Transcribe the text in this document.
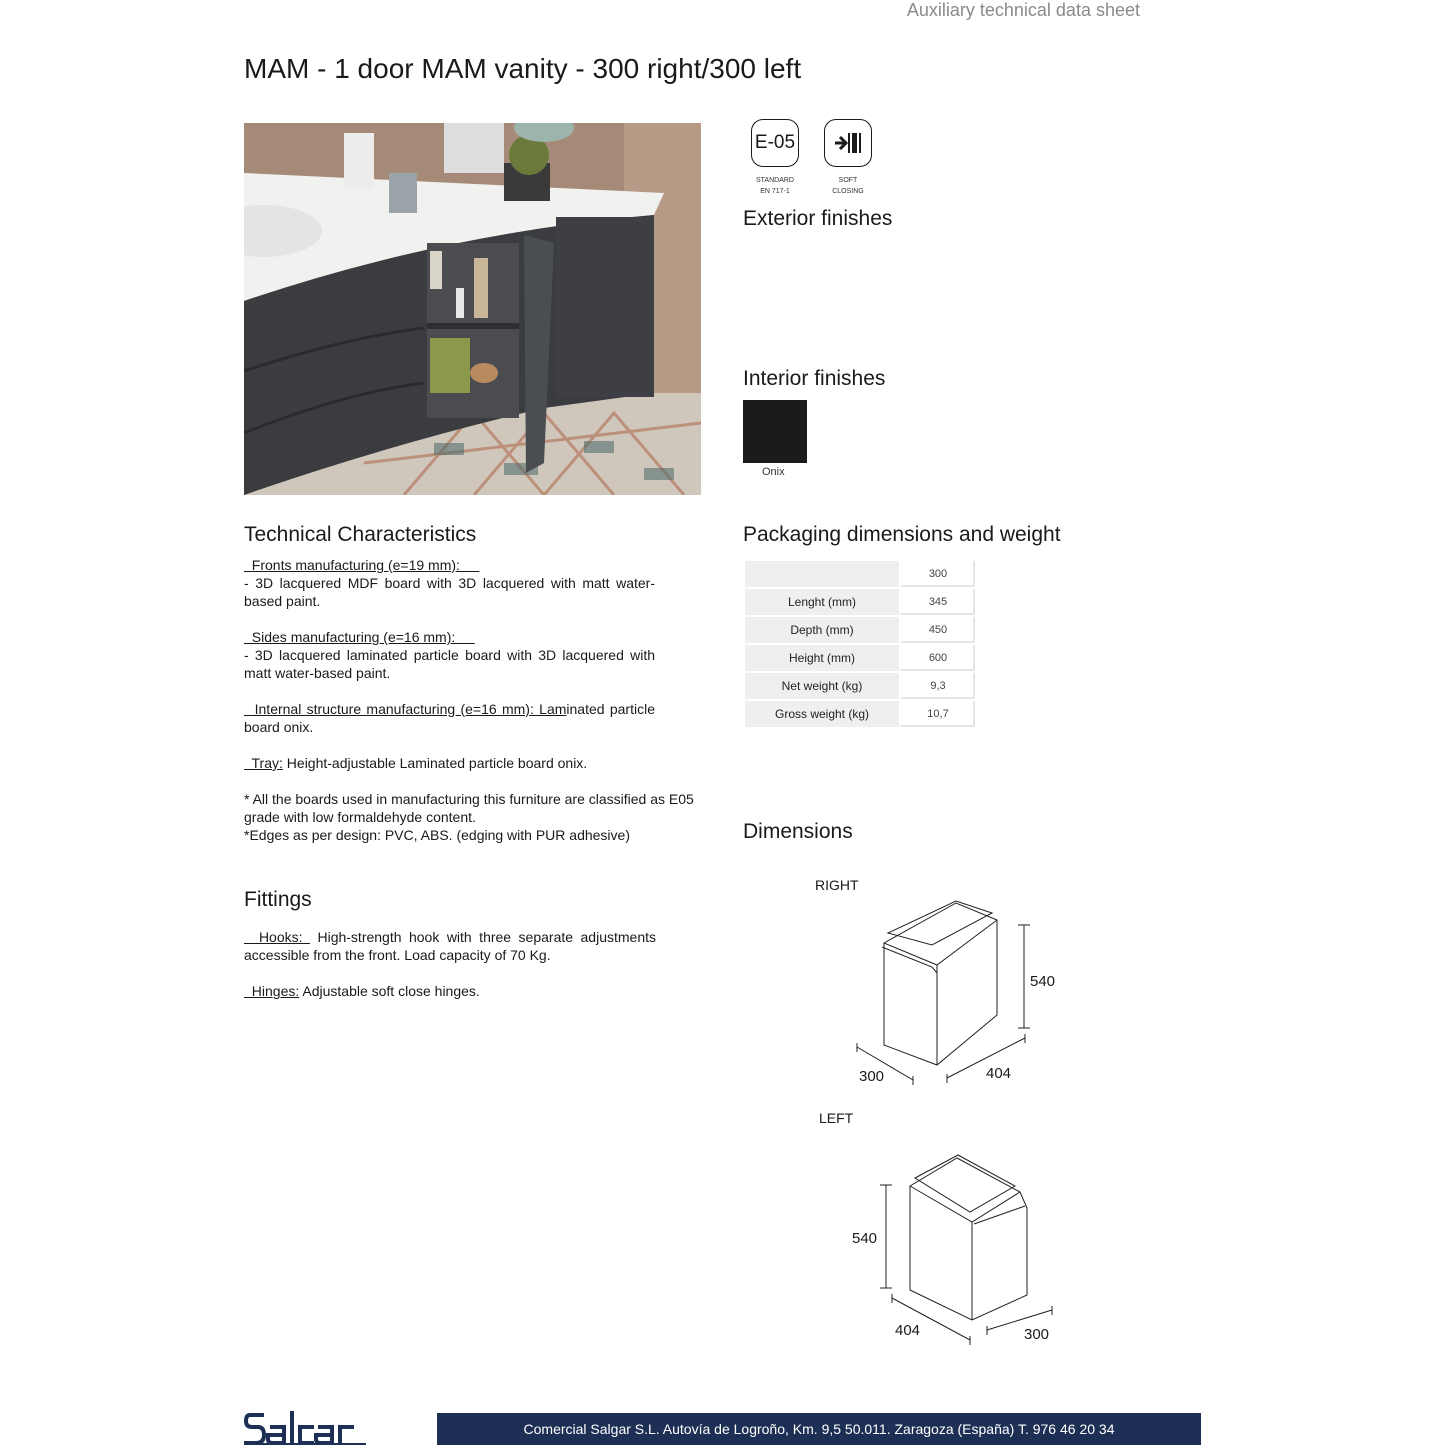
Auxiliary technical data sheet
MAM - 1 door MAM vanity - 300 right/300 left
E-05
STANDARD
EN 717-1
SOFT
CLOSING
Exterior finishes
Interior finishes
Onix
Technical Characteristics

Fronts manufacturing (e=19 mm):
- 3D lacquered MDF board with 3D lacquered with matt water-based paint.

Sides manufacturing (e=16 mm):
- 3D lacquered laminated particle board with 3D lacquered with matt water-based paint.

Internal structure manufacturing (e=16 mm): Laminated particle board onix.

Tray: Height-adjustable Laminated particle board onix.

* All the boards used in manufacturing this furniture are classified as E05 grade with low formaldehyde content.

*Edges as per design: PVC, ABS. (edging with PUR adhesive)

Fittings

Hooks:  High-strength hook with three separate adjustments accessible from the front. Load capacity of 70 Kg.

Hinges: Adjustable soft close hinges.

Packaging dimensions and weight
	300
Lenght (mm)	345
Depth (mm)	450
Height (mm)	600
Net weight (kg)	9,3
Gross weight (kg)	10,7
Dimensions
RIGHT
540
300	404
LEFT
540
404	300
Comercial Salgar S.L. Autovía de Logroño, Km. 9,5 50.011. Zaragoza (España) T. 976 46 20 34
